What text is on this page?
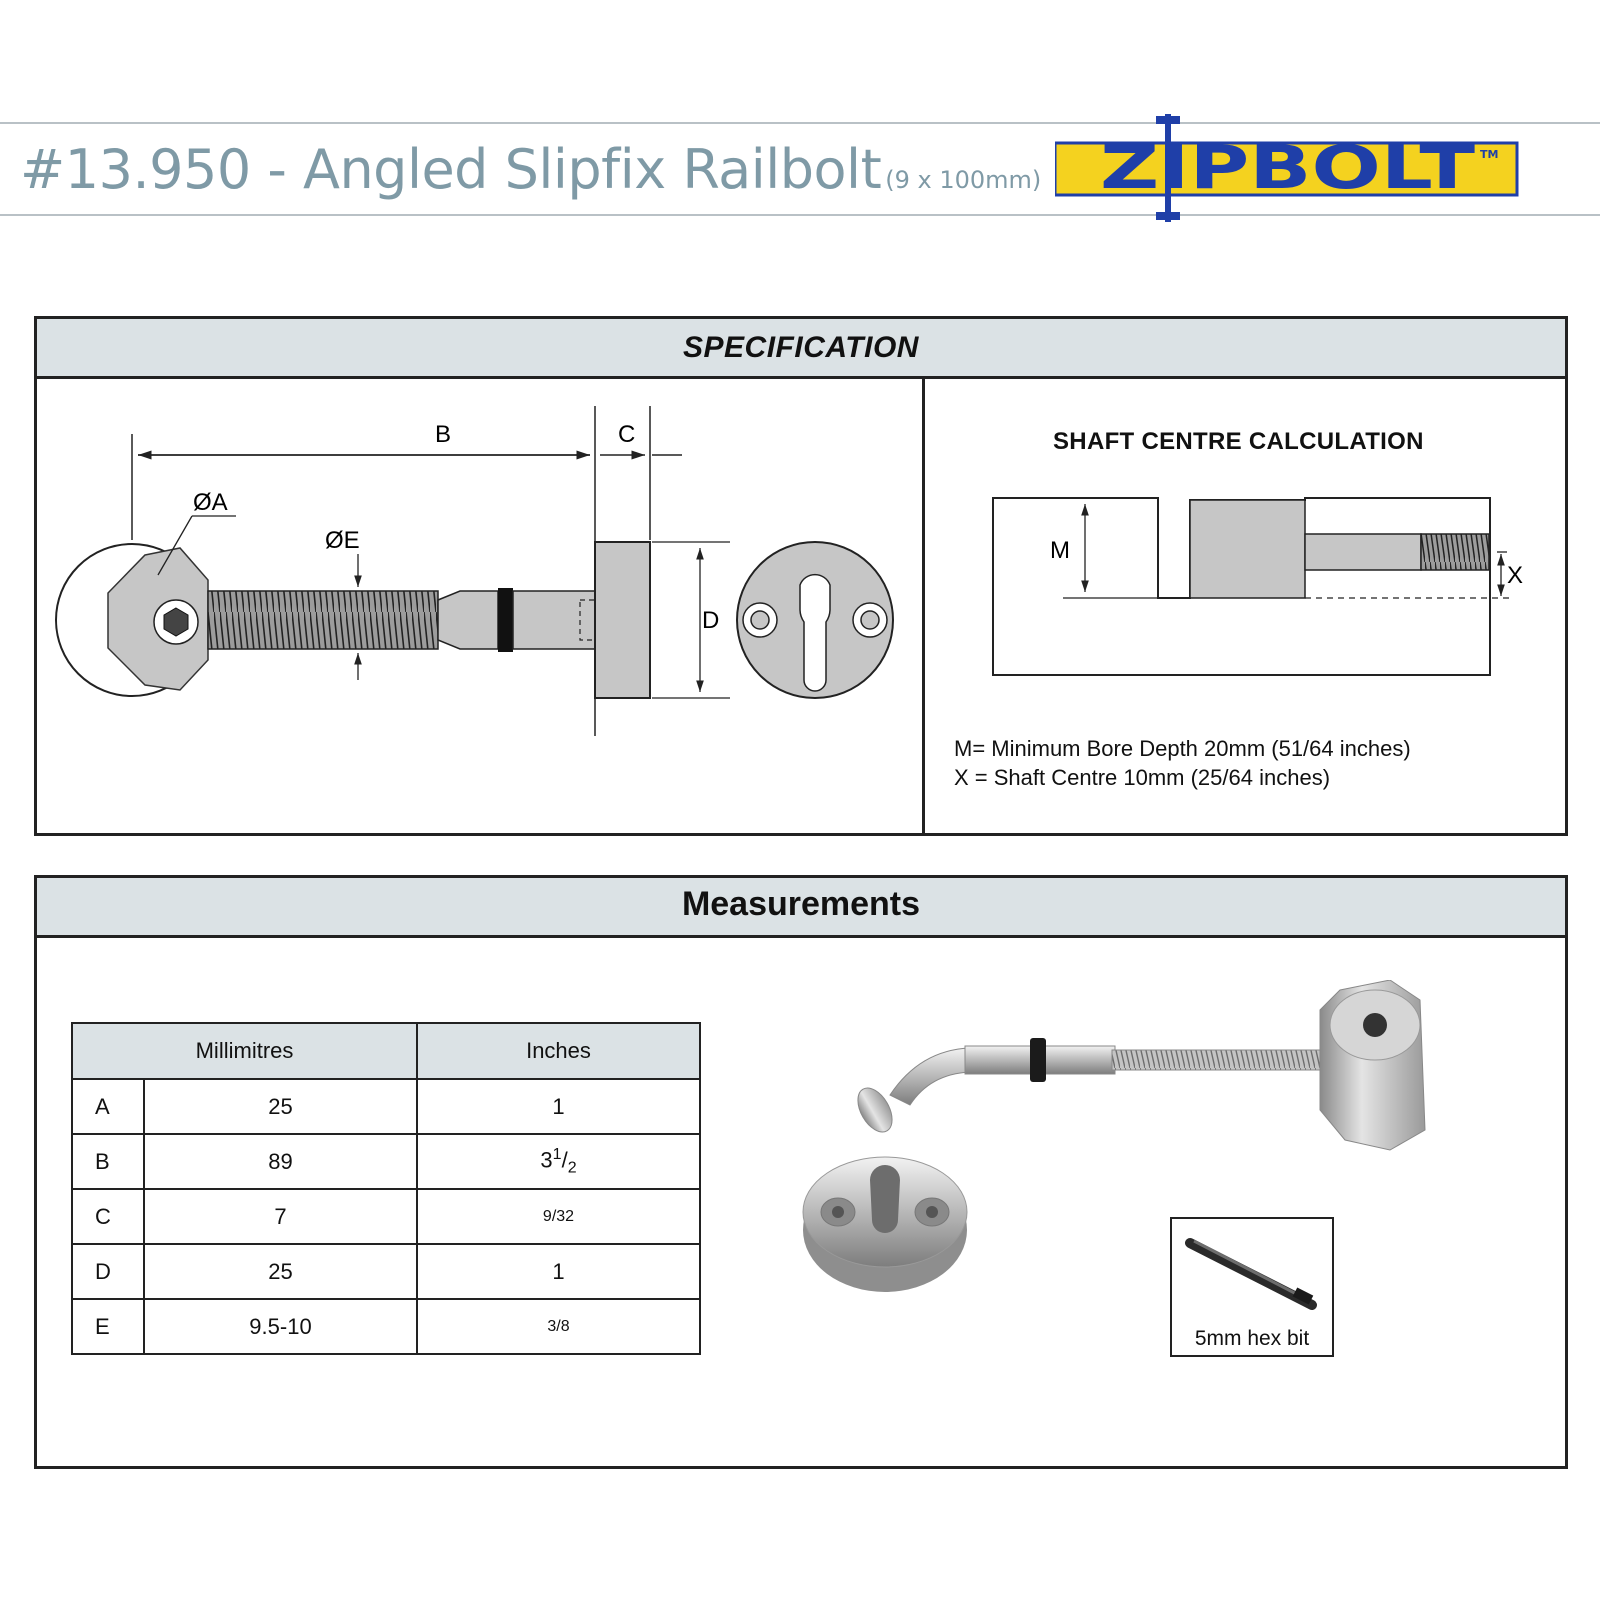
#13.950 - Angled Slipfix Railbolt (9 x 100mm) ZIPBOLT TM
SPECIFICATION
B	C
ØA
ØE
D
SHAFT CENTRE CALCULATION
M
X
M= Minimum Bore Depth 20mm (51/64 inches)
X = Shaft Centre 10mm (25/64 inches)
Measurements
Millimitres		Inches
A	25	1
B	89	$3^1/_2$
C	7	9/32
D	25	1
E	9.5-10	3/8
5mm hex bit
